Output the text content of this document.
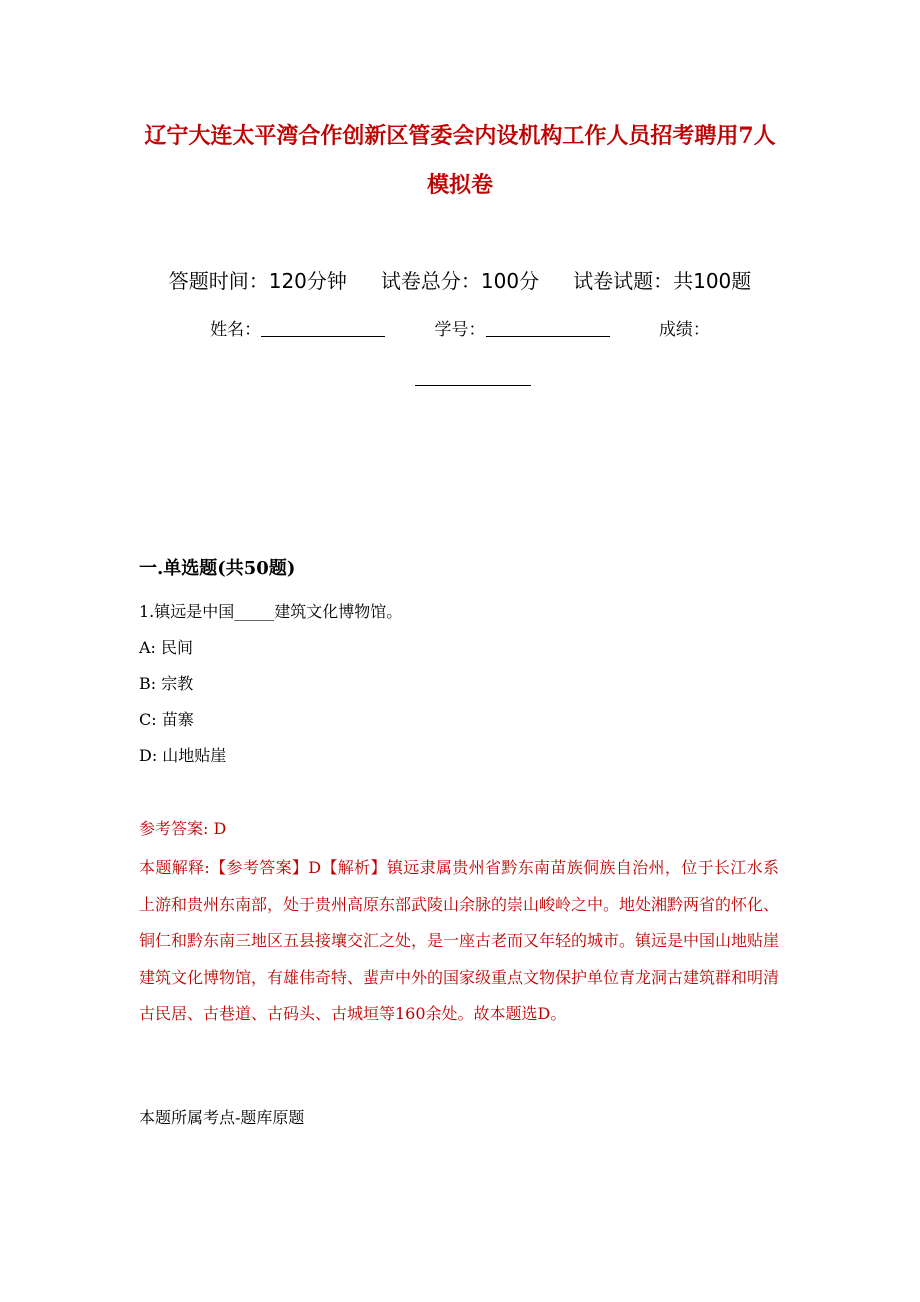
辽宁大连太平湾合作创新区管委会内设机构工作人员招考聘用7人
模拟卷
答题时间：120分钟 试卷总分：100分 试卷试题：共100题
姓名：	学号：	成绩：
一.单选题(共50题)
1.镇远是中国_____建筑文化博物馆。
A: 民间
B: 宗教
C: 苗寨
D: 山地贴崖
参考答案: D
本题解释:【参考答案】D【解析】镇远隶属贵州省黔东南苗族侗族自治州，位于长江水系上游和贵州东南部，处于贵州高原东部武陵山余脉的崇山峻岭之中。地处湘黔两省的怀化、铜仁和黔东南三地区五县接壤交汇之处，是一座古老而又年轻的城市。镇远是中国山地贴崖建筑文化博物馆，有雄伟奇特、蜚声中外的国家级重点文物保护单位青龙洞古建筑群和明清古民居、古巷道、古码头、古城垣等160余处。故本题选D。
本题所属考点-题库原题
